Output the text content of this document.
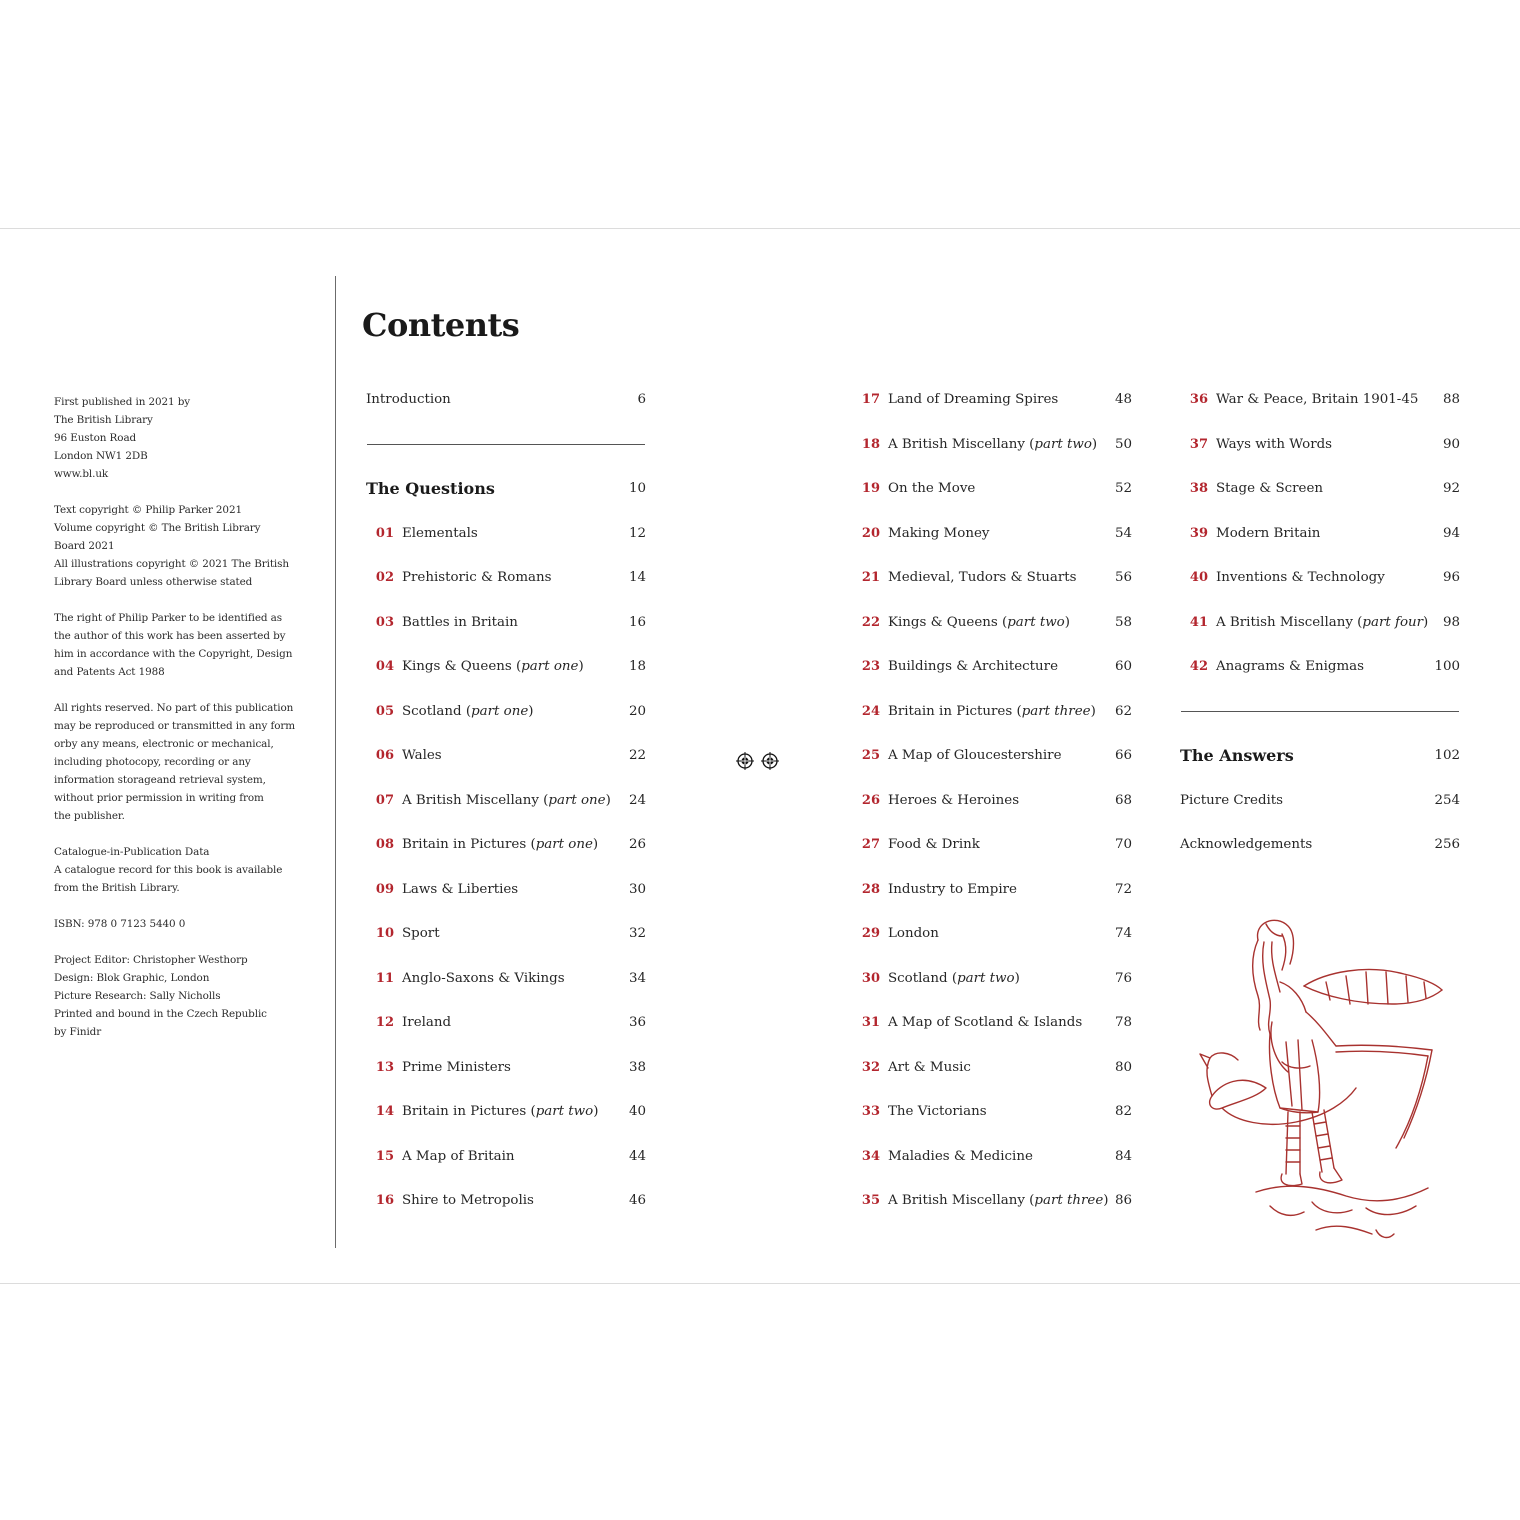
First published in 2021 by
The British Library
96 Euston Road
London NW1 2DB
www.bl.uk

Text copyright © Philip Parker 2021
Volume copyright © The British Library
Board 2021
All illustrations copyright © 2021 The British
Library Board unless otherwise stated

The right of Philip Parker to be identified as
the author of this work has been asserted by
him in accordance with the Copyright, Design
and Patents Act 1988

All rights reserved. No part of this publication
may be reproduced or transmitted in any form
orby any means, electronic or mechanical,
including photocopy, recording or any
information storageand retrieval system,
without prior permission in writing from
the publisher.

Catalogue-in-Publication Data
A catalogue record for this book is available
from the British Library.

ISBN: 978 0 7123 5440 0

Project Editor: Christopher Westhorp
Design: Blok Graphic, London
Picture Research: Sally Nicholls
Printed and bound in the Czech Republic
by Finidr

Contents
Introduction	6
The Questions	10
01 Elementals	12
02 Prehistoric & Romans	14
03 Battles in Britain	16
04 Kings & Queens (part one)	18
05 Scotland (part one)	20
06 Wales	22
07 A British Miscellany (part one) 24
08 Britain in Pictures (part one) 26
09 Laws & Liberties	30
10 Sport	32
11 Anglo-Saxons & Vikings	34
12 Ireland	36
13 Prime Ministers	38
14 Britain in Pictures (part two) 40
15 A Map of Britain	44
16 Shire to Metropolis	46
17 Land of Dreaming Spires	48
18 A British Miscellany (part two) 50
19 On the Move	52
20 Making Money	54
21 Medieval, Tudors & Stuarts	56
22 Kings & Queens (part two)	58
23 Buildings & Architecture	60
24 Britain in Pictures (part three) 62
25 A Map of Gloucestershire	66
26 Heroes & Heroines	68
27 Food & Drink	70
28 Industry to Empire	72
29 London	74
30 Scotland (part two)	76
31 A Map of Scotland & Islands 78
32 Art & Music	80
33 The Victorians	82
34 Maladies & Medicine	84
35 A British Miscellany (part three) 86
36 War & Peace, Britain 1901-45 88
37 Ways with Words	90
38 Stage & Screen	92
39 Modern Britain	94
40 Inventions & Technology	96
41 A British Miscellany (part four) 98
42 Anagrams & Enigmas	100
The Answers	102
Picture Credits	254
Acknowledgements	256
